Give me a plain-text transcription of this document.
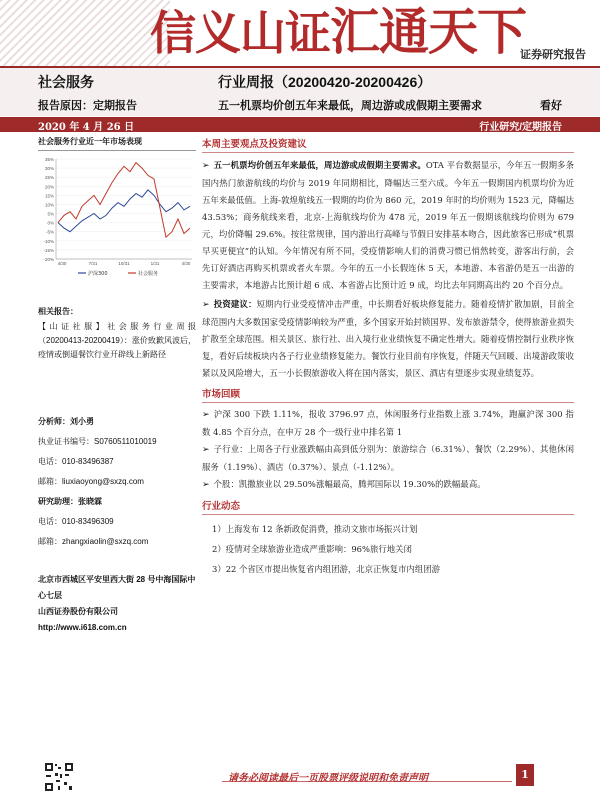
信义山证汇通天下
证券研究报告
社会服务
报告原因：定期报告
行业周报（20200420-20200426）
五一机票均价创五年来最低，周边游或成假期主要需求	看好
2020 年 4 月 26 日	行业研究/定期报告
社会服务行业近一年市场表现
35%
30%
25%
20%
15%
10%
5%
0%
-5%
-10%
-15%
-20%
4/30	7/31	10/31	1/31	4/30
沪深300	社会服务
相关报告：
【山证社服】社会服务行业周报（20200413-20200419）：涨价致歉风波后，疫情或倒逼餐饮行业开辟线上新路径
分析师：刘小勇
执业证书编号：S0760511010019
电话：010-83496387
邮箱：liuxiaoyong@sxzq.com
研究助理：张晓霖
电话：010-83496309
邮箱：zhangxiaolin@sxzq.com
北京市西城区平安里西大街 28 号中海国际中心七层
山西证券股份有限公司
http://www.i618.com.cn
本周主要观点及投资建议
➢ 五一机票均价创五年来最低，周边游或成假期主要需求。OTA 平台数据显示，今年五一假期多条国内热门旅游航线的均价与 2019 年同期相比，降幅达三至六成。今年五一假期国内机票均价为近五年来最低值。上海-敦煌航线五一假期的均价为 860 元，2019 年时的均价则为 1523 元，降幅达 43.53%；商务航线来看，北京-上海航线均价为 478 元，2019 年五一假期该航线均价则为 679 元，均价降幅 29.6%。按往常规律，国内游出行高峰与节假日安排基本吻合，因此旅客已形成“机票早买更便宜”的认知。今年情况有所不同，受疫情影响人们的消费习惯已悄然转变，游客出行前，会先订好酒店再购买机票或者火车票。今年的五一小长假连休 5 天，本地游、本省游仍是五一出游的主要需求，本地游占比预计超 6 成、本省游占比预计近 9 成，均比去年同期高出约 20 个百分点。
➢ 投资建议：短期内行业受疫情冲击严重，中长期看好板块修复能力。随着疫情扩散加剧，目前全球范围内大多数国家受疫情影响较为严重，多个国家开始封锁国界、发布旅游禁令，使得旅游业损失扩散至全球范围。相关景区、旅行社、出入境行业业绩恢复不确定性增大。随着疫情控制行业秩序恢复，看好后续板块内各子行业业绩修复能力。餐饮行业目前有序恢复，伴随天气回暖、出境游政策收紧以及风险增大，五一小长假旅游收入将在国内落实，景区、酒店有望逐步实现业绩复苏。
市场回顾
➢ 沪深 300 下跌 1.11%，报收 3796.97 点，休闲服务行业指数上涨 3.74%，跑赢沪深 300 指数 4.85 个百分点，在申万 28 个一级行业中排名第 1
➢ 子行业：上周各子行业涨跌幅由高到低分别为：旅游综合（6.31%）、餐饮（2.29%）、其他休闲服务（1.19%）、酒店（0.37%）、景点（-1.12%）。
➢ 个股：凯撒旅业以 29.50%涨幅最高，腾邦国际以 19.30%的跌幅最高。
行业动态
1）上海发布 12 条新政促消费，推动文旅市场振兴计划
2）疫情对全球旅游业造成严重影响：96%旅行地关闭
3）22 个省区市提出恢复省内组团游，北京正恢复市内组团游
请务必阅读最后一页股票评级说明和免责声明	1
